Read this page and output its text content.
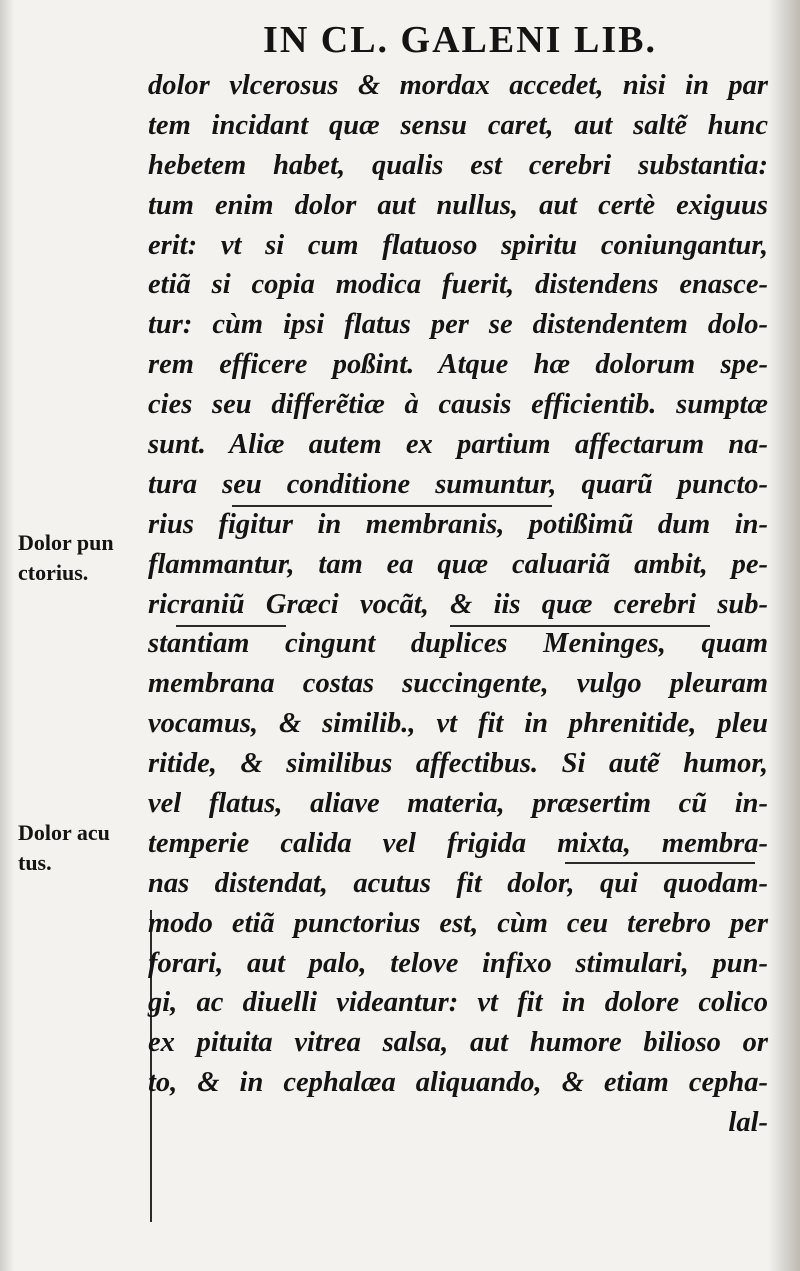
IN CL. GALENI LIB.
Dolor pun
ctorius.
Dolor acu
tus.
dolor vlcerosus & mordax accedet, nisi in par
tem incidant quæ sensu caret, aut saltẽ hunc
hebetem habet, qualis est cerebri substantia:
tum enim dolor aut nullus, aut certè exiguus
erit: vt si cum flatuoso spiritu coniungantur,
etiã si copia modica fuerit, distendens enasce-
tur: cùm ipsi flatus per se distendentem dolo-
rem efficere poßint. Atque hæ dolorum spe-
cies seu differẽtiæ à causis efficientib. sumptæ
sunt. Aliæ autem ex partium affectarum na-
tura seu conditione sumuntur, quarũ puncto-
rius figitur in membranis, potißimũ dum in-
flammantur, tam ea quæ caluariã ambit, pe-
ricraniũ Græci vocãt, & iis quæ cerebri sub-
stantiam cingunt duplices Meninges, quam
membrana costas succingente, vulgo pleuram
vocamus, & similib., vt fit in phrenitide, pleu
ritide, & similibus affectibus. Si autẽ humor,
vel flatus, aliave materia, præsertim cũ in-
temperie calida vel frigida mixta, membra-
nas distendat, acutus fit dolor, qui quodam-
modo etiã punctorius est, cùm ceu terebro per
forari, aut palo, telove infixo stimulari, pun-
gi, ac diuelli videantur: vt fit in dolore colico
ex pituita vitrea salsa, aut humore bilioso or
to, & in cephalæa aliquando, & etiam cepha-
lal-
